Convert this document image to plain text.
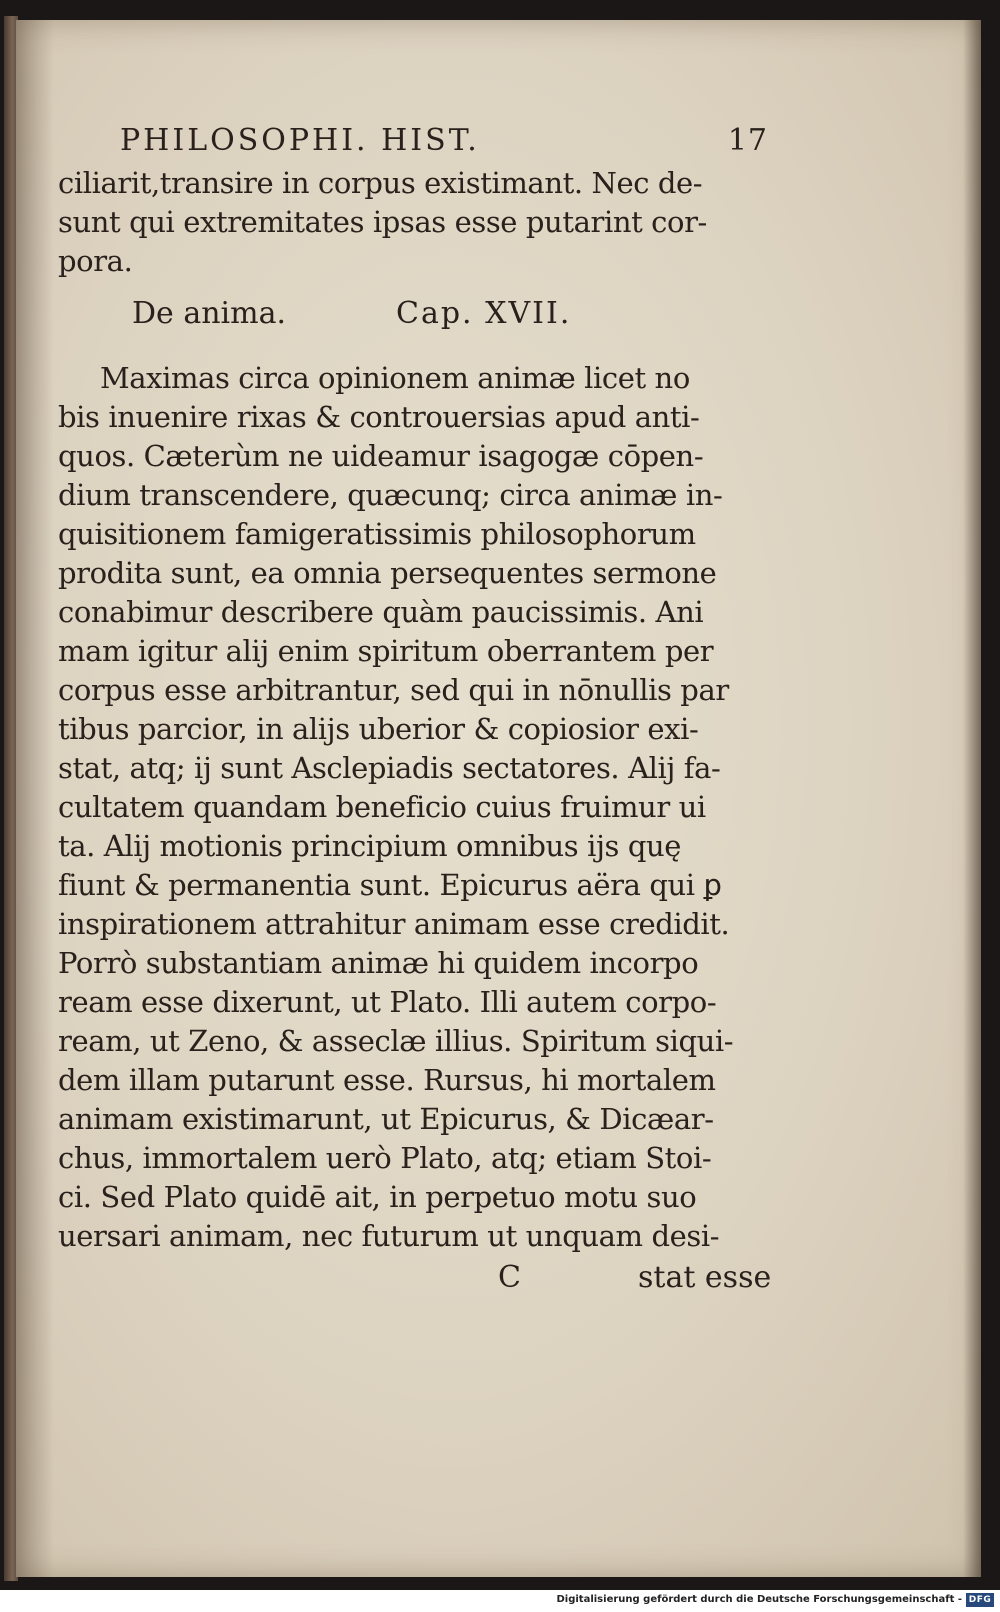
PHILOSOPHI. HIST.	17
ciliarit,transire in corpus existimant. Nec de-
sunt qui extremitates ipsas esse putarint cor-
pora.
De anima.	Cap. XVII.
Maximas circa opinionem animæ licet no
bis inuenire rixas & controuersias apud anti-
quos. Cæterùm ne uideamur isagogæ cōpen-
dium transcendere, quæcunq; circa animæ in-
quisitionem famigeratissimis philosophorum
prodita sunt, ea omnia persequentes sermone
conabimur describere quàm paucissimis. Ani
mam igitur alij enim spiritum oberrantem per
corpus esse arbitrantur, sed qui in nōnullis par
tibus parcior, in alijs uberior & copiosior exi-
stat, atq; ij sunt Asclepiadis sectatores. Alij fa-
cultatem quandam beneficio cuius fruimur ui
ta. Alij motionis principium omnibus ijs quę
fiunt & permanentia sunt. Epicurus aëra qui ꝑ
inspirationem attrahitur animam esse credidit.
Porrò substantiam animæ hi quidem incorpo
ream esse dixerunt, ut Plato. Illi autem corpo-
ream, ut Zeno, & asseclæ illius. Spiritum siqui-
dem illam putarunt esse. Rursus, hi mortalem
animam existimarunt, ut Epicurus, & Dicæar-
chus, immortalem uerò Plato, atq; etiam Stoi-
ci. Sed Plato quidē ait, in perpetuo motu suo
uersari animam, nec futurum ut unquam desi-
C	stat esse
Digitalisierung gefördert durch die Deutsche Forschungsgemeinschaft - DFG
